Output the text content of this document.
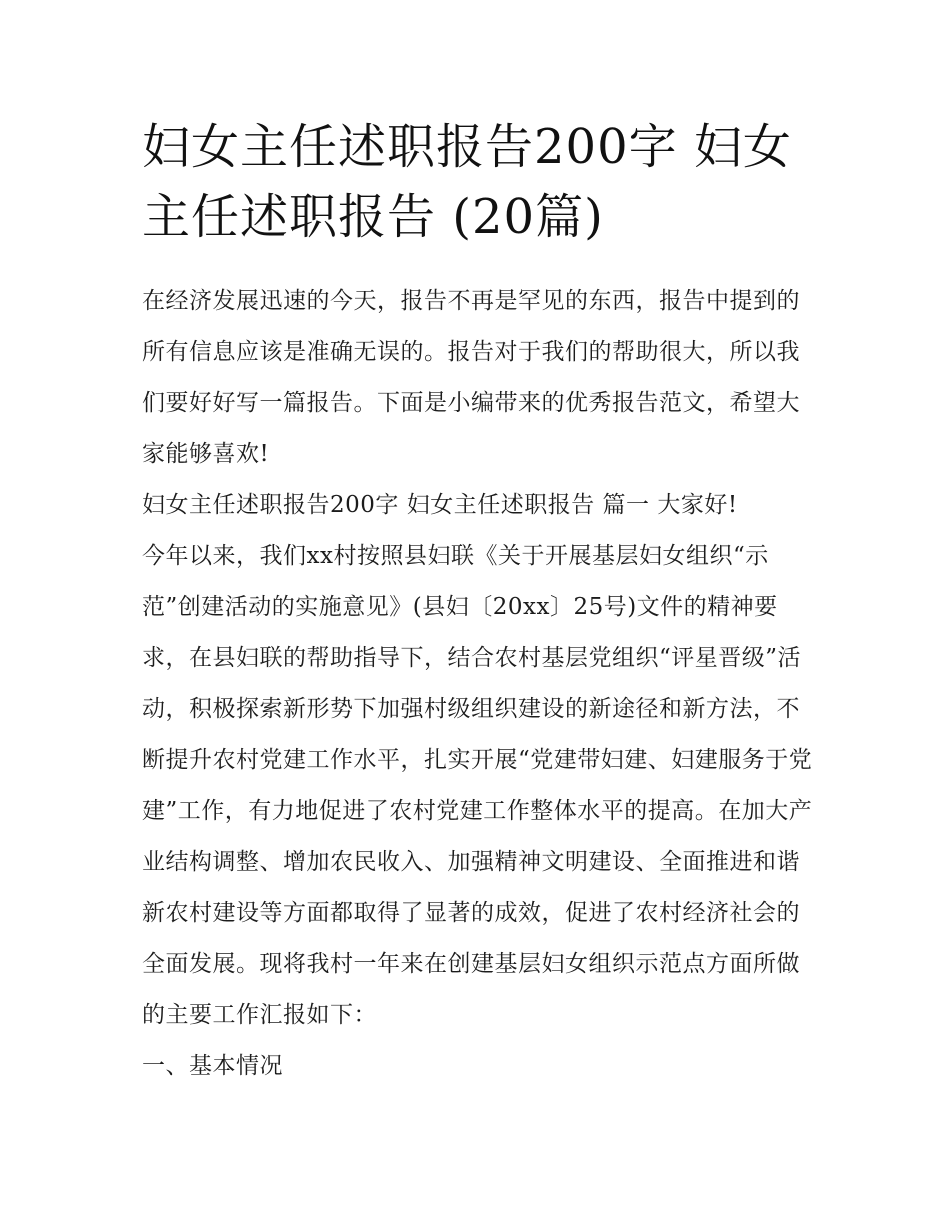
妇女主任述职报告200字 妇女主任述职报告 (20篇)

在经济发展迅速的今天，报告不再是罕见的东西，报告中提到的所有信息应该是准确无误的。报告对于我们的帮助很大，所以我们要好好写一篇报告。下面是小编带来的优秀报告范文，希望大家能够喜欢!

妇女主任述职报告200字 妇女主任述职报告 篇一 大家好!

今年以来，我们xx村按照县妇联《关于开展基层妇女组织“示范”创建活动的实施意见》(县妇〔20xx〕25号)文件的精神要求，在县妇联的帮助指导下，结合农村基层党组织“评星晋级”活动，积极探索新形势下加强村级组织建设的新途径和新方法，不断提升农村党建工作水平，扎实开展“党建带妇建、妇建服务于党建”工作，有力地促进了农村党建工作整体水平的提高。在加大产业结构调整、增加农民收入、加强精神文明建设、全面推进和谐新农村建设等方面都取得了显著的成效，促进了农村经济社会的全面发展。现将我村一年来在创建基层妇女组织示范点方面所做的主要工作汇报如下：

一、基本情况
